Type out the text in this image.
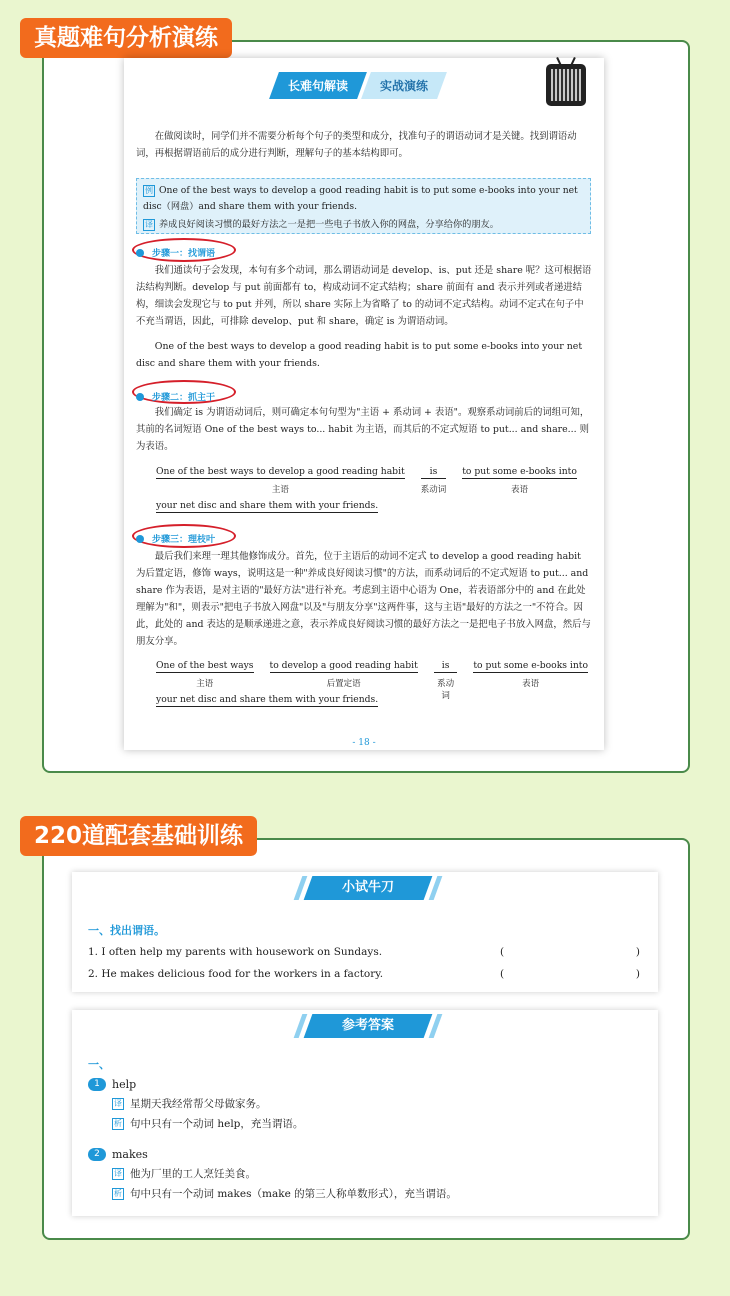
真题难句分析演练
长难句解读	实战演练
在做阅读时，同学们并不需要分析每个句子的类型和成分，找准句子的谓语动词才是关键。找到谓语动词，再根据谓语前后的成分进行判断，理解句子的基本结构即可。
例 One of the best ways to develop a good reading habit is to put some e-books into your net disc（网盘）and share them with your friends.
译 养成良好阅读习惯的最好方法之一是把一些电子书放入你的网盘，分享给你的朋友。
步骤一：找谓语
我们通读句子会发现，本句有多个动词，那么谓语动词是 develop、is、put 还是 share 呢？这可根据语法结构判断。develop 与 put 前面都有 to，构成动词不定式结构；share 前面有 and 表示并列或者递进结构，细读会发现它与 to put 并列，所以 share 实际上为省略了 to 的动词不定式结构。动词不定式在句子中不充当谓语，因此，可排除 develop、put 和 share，确定 is 为谓语动词。
One of the best ways to develop a good reading habit is to put some e-books into your net disc and share them with your friends.
步骤二：抓主干
我们确定 is 为谓语动词后，则可确定本句句型为"主语 + 系动词 + 表语"。观察系动词前后的词组可知，其前的名词短语 One of the best ways to... habit 为主语，而其后的不定式短语 to put... and share... 则为表语。
One of the best ways to develop a good reading habit
主语
is
系动词
to put some e-books into
表语
your net disc and share them with your friends.
步骤三：理枝叶
最后我们来理一理其他修饰成分。首先，位于主语后的动词不定式 to develop a good reading habit 为后置定语，修饰 ways，说明这是一种"养成良好阅读习惯"的方法，而系动词后的不定式短语 to put... and share 作为表语，是对主语的"最好方法"进行补充。考虑到主语中心语为 One，若表语部分中的 and 在此处理解为"和"，则表示"把电子书放入网盘"以及"与朋友分享"这两件事，这与主语"最好的方法之一"不符合。因此，此处的 and 表达的是顺承递进之意，表示养成良好阅读习惯的最好方法之一是把电子书放入网盘，然后与朋友分享。
One of the best ways
主语
to develop a good reading habit
后置定语
is
系动词
to put some e-books into
表语
your net disc and share them with your friends.
- 18 -
220道配套基础训练
小试牛刀
一、找出谓语。
1. I often help my parents with housework on Sundays.	(	)
2. He makes delicious food for the workers in a factory.	(	)
参考答案
一、
1	help
译 星期天我经常帮父母做家务。
析 句中只有一个动词 help，充当谓语。
2	makes
译 他为厂里的工人烹饪美食。
析 句中只有一个动词 makes（make 的第三人称单数形式），充当谓语。
